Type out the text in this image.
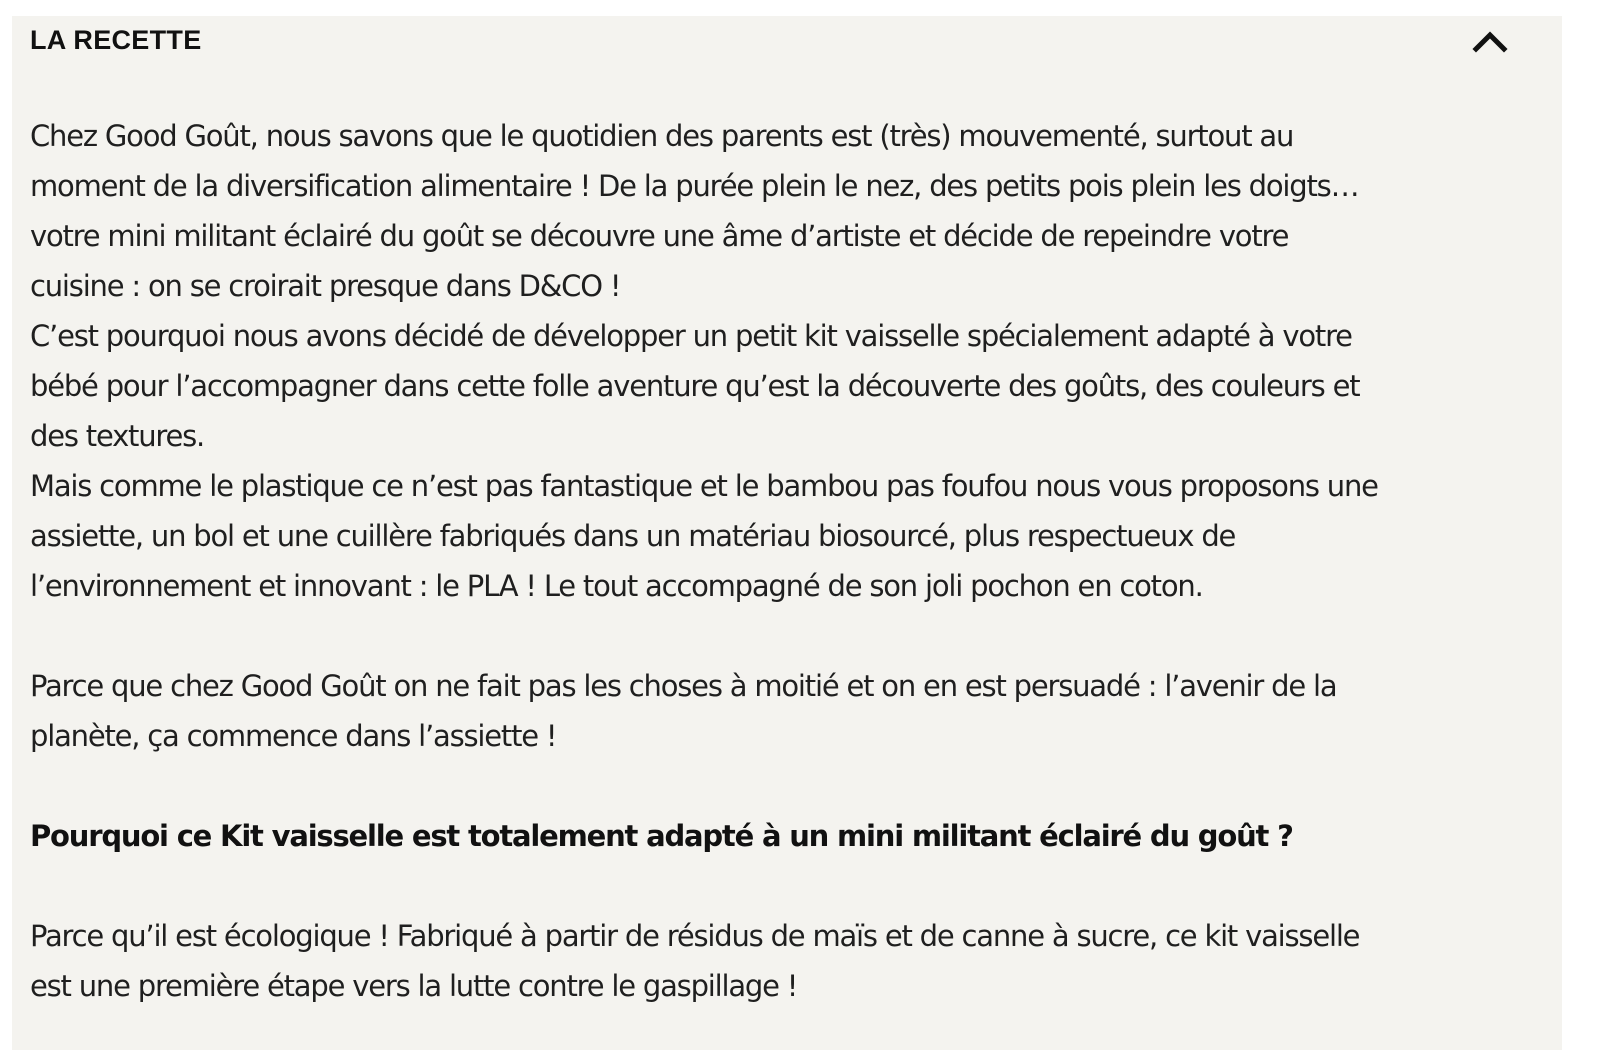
LA RECETTE

Chez Good Goût, nous savons que le quotidien des parents est (très) mouvementé, surtout au

moment de la diversification alimentaire ! De la purée plein le nez, des petits pois plein les doigts…

votre mini militant éclairé du goût se découvre une âme d’artiste et décide de repeindre votre

cuisine : on se croirait presque dans D&CO !

C’est pourquoi nous avons décidé de développer un petit kit vaisselle spécialement adapté à votre

bébé pour l’accompagner dans cette folle aventure qu’est la découverte des goûts, des couleurs et

des textures.

Mais comme le plastique ce n’est pas fantastique et le bambou pas foufou nous vous proposons une

assiette, un bol et une cuillère fabriqués dans un matériau biosourcé, plus respectueux de

l’environnement et innovant : le PLA ! Le tout accompagné de son joli pochon en coton.

Parce que chez Good Goût on ne fait pas les choses à moitié et on en est persuadé : l’avenir de la

planète, ça commence dans l’assiette !

Pourquoi ce Kit vaisselle est totalement adapté à un mini militant éclairé du goût ?

Parce qu’il est écologique ! Fabriqué à partir de résidus de maïs et de canne à sucre, ce kit vaisselle

est une première étape vers la lutte contre le gaspillage !
